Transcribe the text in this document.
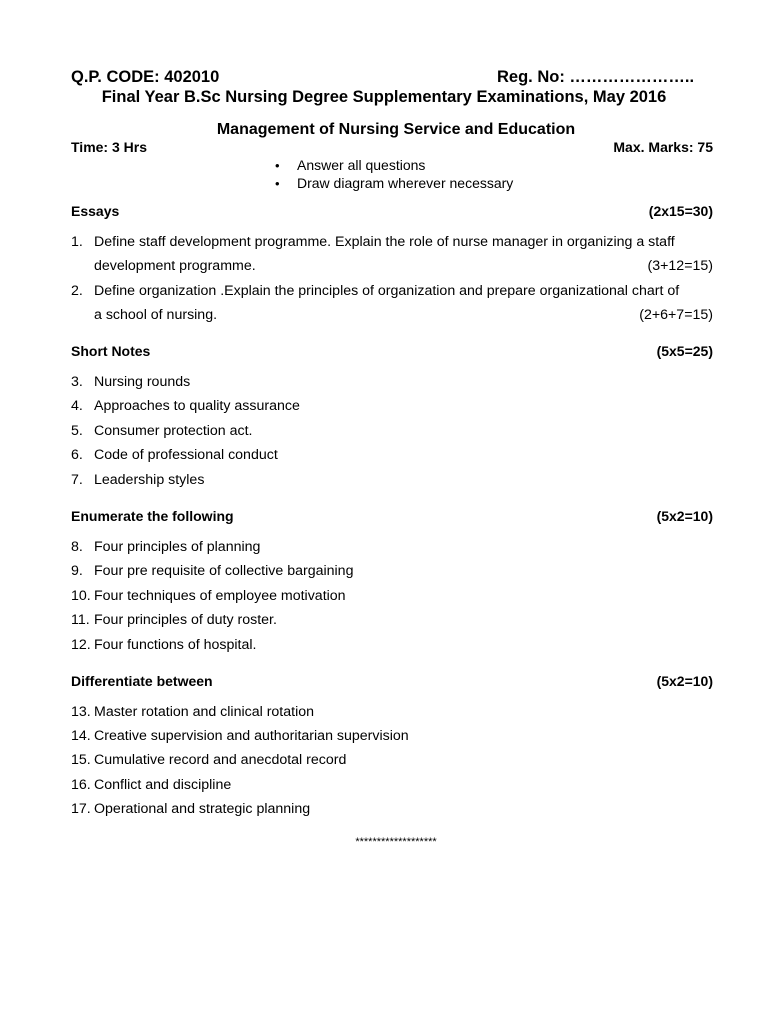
Q.P. CODE: 402010	Reg. No: …………………..
Final Year B.Sc Nursing Degree Supplementary Examinations, May 2016
Management of Nursing Service and Education
Time: 3 Hrs	Max. Marks: 75
• Answer all questions
• Draw diagram wherever necessary
Essays	(2x15=30)
1. Define staff development programme. Explain the role of nurse manager in organizing a staff
development programme.	(3+12=15)
2. Define organization .Explain the principles of organization and prepare organizational chart of
a school of nursing.	(2+6+7=15)
Short Notes	(5x5=25)
3. Nursing rounds
4. Approaches to quality assurance
5. Consumer protection act.
6. Code of professional conduct
7. Leadership styles
Enumerate the following	(5x2=10)
8. Four principles of planning
9. Four pre requisite of collective bargaining
10. Four techniques of employee motivation
11. Four principles of duty roster.
12. Four functions of hospital.
Differentiate between	(5x2=10)
13. Master rotation and clinical rotation
14. Creative supervision and authoritarian supervision
15. Cumulative record and anecdotal record
16. Conflict and discipline
17. Operational and strategic planning
*******************
